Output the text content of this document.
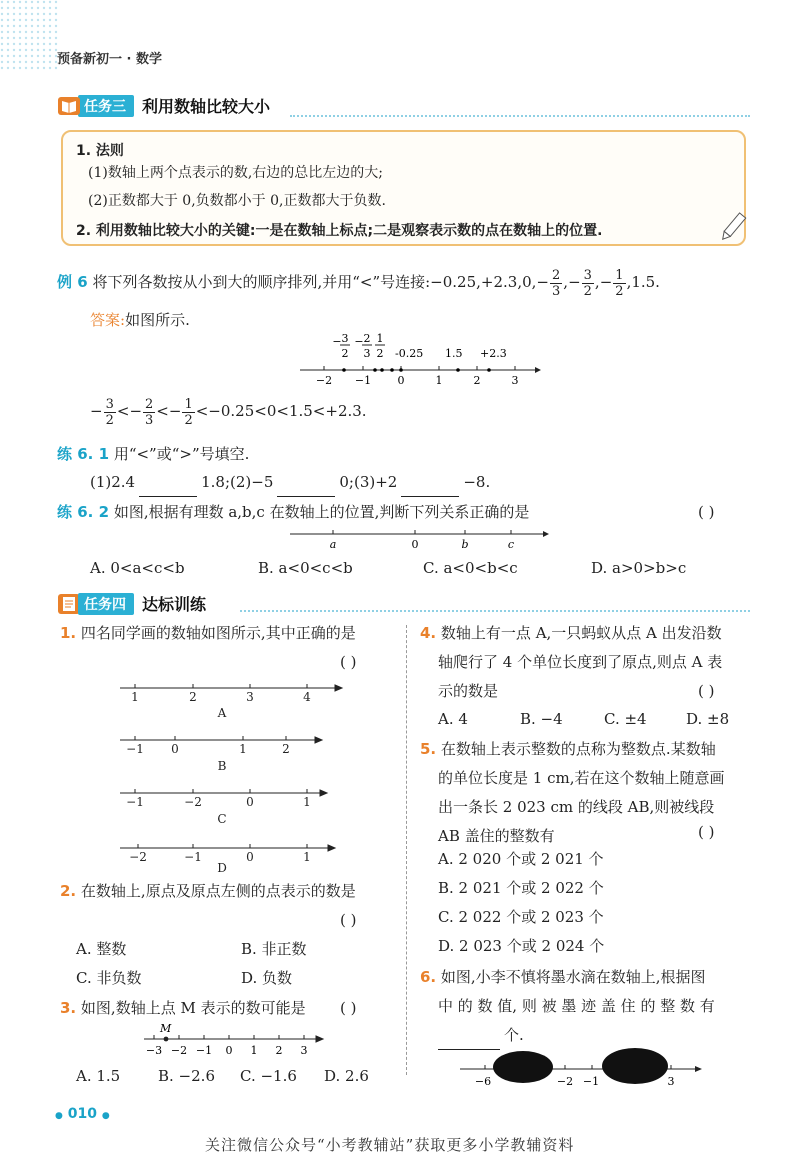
预备新初一 · 数学
任务三	利用数轴比较大小
1. 法则
(1)数轴上两个点表示的数,右边的总比左边的大;
(2)正数都大于 0,负数都小于 0,正数都大于负数.
2. 利用数轴比较大小的关键:一是在数轴上标点;二是观察表示数的点在数轴上的位置.
例 6 将下列各数按从小到大的顺序排列,并用“<”号连接:−0.25,+2.3,0,− $\frac{2}{3}$ ,− $\frac{3}{2}$ ,− $\frac{1}{2} ,1.5$.
答案:如图所示.
− 3
2
− 2
3
1
2 -0.25 1.5 +2.3
−2 −1 0	1	2	3
− $\frac{3}{2} <- \frac{2}{3} <- \frac{1}{2} <-0.25<0<1.5<+2.3$.
练 6. 1 用“<”或“>”号填空.
(1)2.4	1.8;(2)−5	0;(3)+2	−8.
练 6. 2 如图,根据有理数 a,b,c 在数轴上的位置,判断下列关系正确的是	( )
a	0	b	c
A. 0<a<c<b	B. a<0<c<b	C. a<0<b<c	D. a>0>b>c
任务四	达标训练
1. 四名同学画的数轴如图所示,其中正确的是
( )
1	2	3	4
A
−1 0	1	2
B
−1	−2	0	1
C
−2	−1	0	1
D
2. 在数轴上,原点及原点左侧的点表示的数是
( )
A. 整数	B. 非正数
C. 非负数	D. 负数
3. 如图,数轴上点 M 表示的数可能是 ( )
M
−3 −2 −1 0 1 2 3
A. 1.5	B. −2.6	C. −1.6	D. 2.6
4. 数轴上有一点 A,一只蚂蚁从点 A 出发沿数
轴爬行了 4 个单位长度到了原点,则点 A 表
示的数是	( )
A. 4	B. −4	C. ±4	D. ±8
5. 在数轴上表示整数的点称为整数点.某数轴
的单位长度是 1 cm,若在这个数轴上随意画
出一条长 2 023 cm 的线段 AB,则被线段
AB 盖住的整数有	( )
A. 2 020 个或 2 021 个
B. 2 021 个或 2 022 个
C. 2 022 个或 2 023 个
D. 2 023 个或 2 024 个
6. 如图,小李不慎将墨水滴在数轴上,根据图
中 的 数 值, 则 被 墨 迹 盖 住 的 整 数 有
个.
−6	−2 −1	3
● 010 ●
关注微信公众号“小考教辅站”获取更多小学教辅资料
